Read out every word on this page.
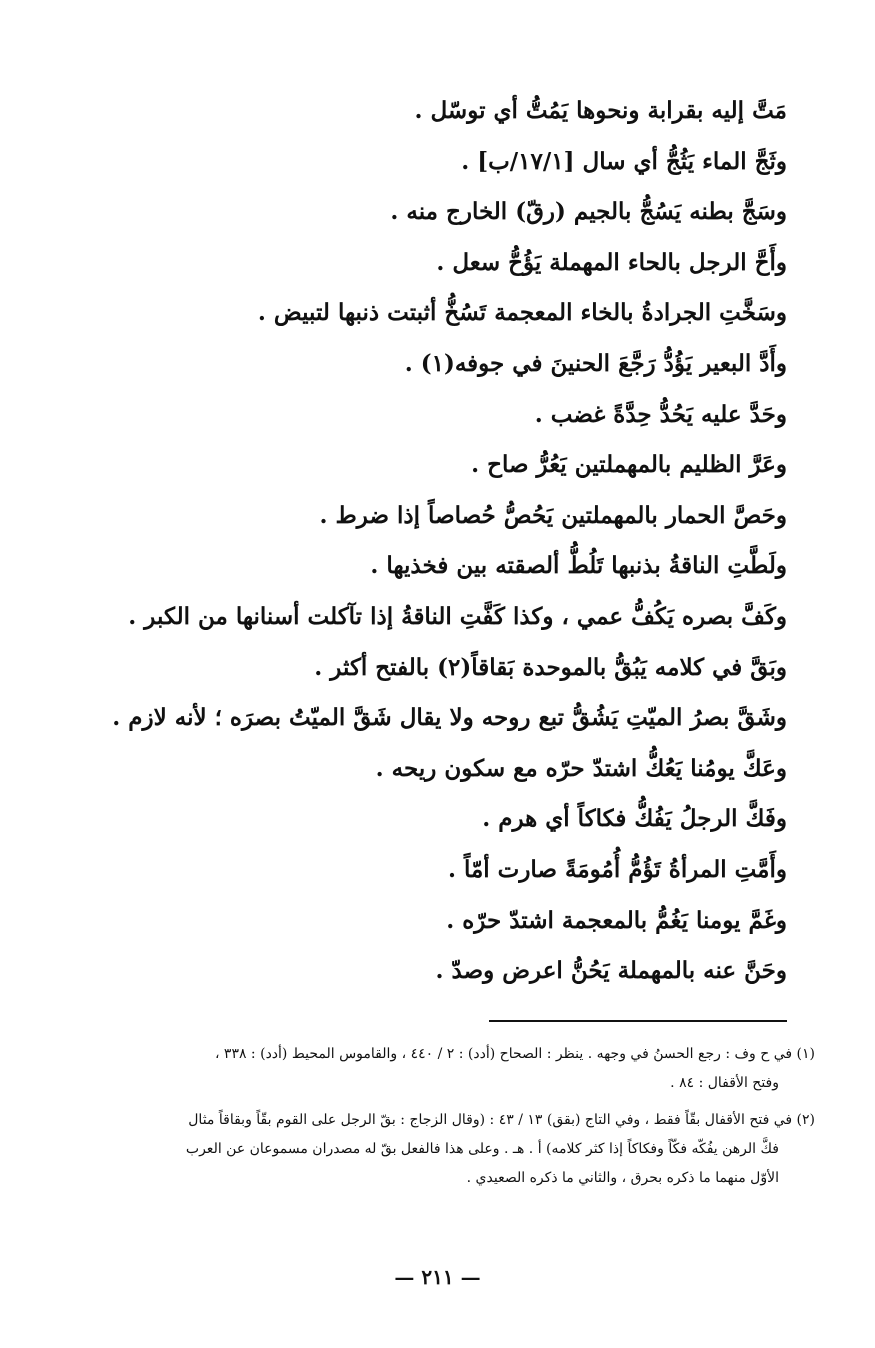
مَتَّ إليه بقرابة ونحوها يَمُتُّ أي توسّل .
وثَجَّ الماء يَثُجُّ أي سال [١٧/١/ب] .
وسَجَّ بطنه يَسُجُّ بالجيم (رقّ) الخارج منه .
وأَحَّ الرجل بالحاء المهملة يَؤُحُّ سعل .
وسَخَّتِ الجرادةُ بالخاء المعجمة تَسُخُّ أثبتت ذنبها لتبيض .
وأَدَّ البعير يَؤُدُّ رَجَّعَ الحنينَ في جوفه(١) .
وحَدَّ عليه يَحُدُّ حِدَّةً غضب .
وعَرَّ الظليم بالمهملتين يَعُرُّ صاح .
وحَصَّ الحمار بالمهملتين يَحُصُّ حُصاصاً إذا ضرط .
ولَطَّتِ الناقةُ بذنبها تَلُطُّ ألصقته بين فخذيها .
وكَفَّ بصره يَكُفُّ عمي ، وكذا كَفَّتِ الناقةُ إذا تآكلت أسنانها من الكبر .
وبَقَّ في كلامه يَبُقُّ بالموحدة بَقاقاً(٢) بالفتح أكثر .
وشَقَّ بصرُ الميّتِ يَشُقُّ تبع روحه ولا يقال شَقَّ الميّتُ بصرَه ؛ لأنه لازم .
وعَكَّ يومُنا يَعُكُّ اشتدّ حرّه مع سكون ريحه .
وفَكَّ الرجلُ يَفُكُّ فكاكاً أي هرم .
وأَمَّتِ المرأةُ تَؤُمُّ أُمُومَةً صارت أمّاً .
وغَمَّ يومنا يَغُمُّ بالمعجمة اشتدّ حرّه .
وحَنَّ عنه بالمهملة يَحُنُّ اعرض وصدّ .
(١) في ح وف : رجع الحسنُ في وجهه . ينظر : الصحاح (أدد) : ٢ / ٤٤٠ ، والقاموس المحيط (أدد) : ٣٣٨ ،
وفتح الأقفال : ٨٤ .
(٢) في فتح الأقفال بقّاً فقط ، وفي التاج (بقق) ١٣ / ٤٣ : (وقال الزجاج : بقّ الرجل على القوم بقّاً وبقاقاً مثال
فكَّ الرهن يفُكّه فكّاً وفكاكاً إذا كثر كلامه) أ . هـ . وعلى هذا فالفعل بقّ له مصدران مسموعان عن العرب
الأوّل منهما ما ذكره بحرق ، والثاني ما ذكره الصعيدي .
— ٢١١ —
